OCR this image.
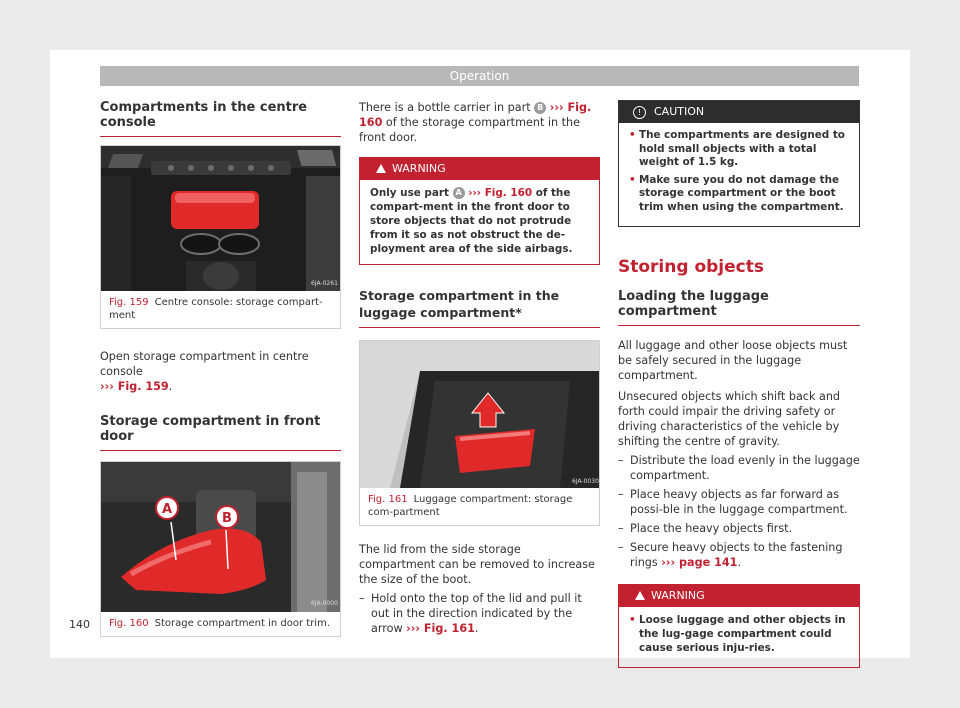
Operation
Compartments in the centre console
6JA-0261
Fig. 159 Centre console: storage compart-ment

Open storage compartment in centre console
››› Fig. 159.

Storage compartment in front door
A
B
6JA-0000
Fig. 160 Storage compartment in door trim.

There is a bottle carrier in part B ››› Fig. 160 of the storage compartment in the front door.

WARNING
Only use part A ››› Fig. 160 of the compart-ment in the front door to store objects that do not protrude from it so as not obstruct the de-ployment area of the side airbags.
Storage compartment in the luggage compartment*
6JA-0030
Fig. 161 Luggage compartment: storage com-partment

The lid from the side storage compartment can be removed to increase the size of the boot.

– Hold onto the top of the lid and pull it out in the direction indicated by the arrow ››› Fig. 161.
! CAUTION
• The compartments are designed to hold small objects with a total weight of 1.5 kg.
• Make sure you do not damage the storage compartment or the boot trim when using the compartment.
Storing objects
Loading the luggage compartment

All luggage and other loose objects must be safely secured in the luggage compartment.

Unsecured objects which shift back and forth could impair the driving safety or driving characteristics of the vehicle by shifting the centre of gravity.

– Distribute the load evenly in the luggage compartment.
– Place heavy objects as far forward as possi-ble in the luggage compartment.
– Place the heavy objects first.
– Secure heavy objects to the fastening rings ››› page 141.
WARNING
• Loose luggage and other objects in the lug-gage compartment could cause serious inju-ries.
140
